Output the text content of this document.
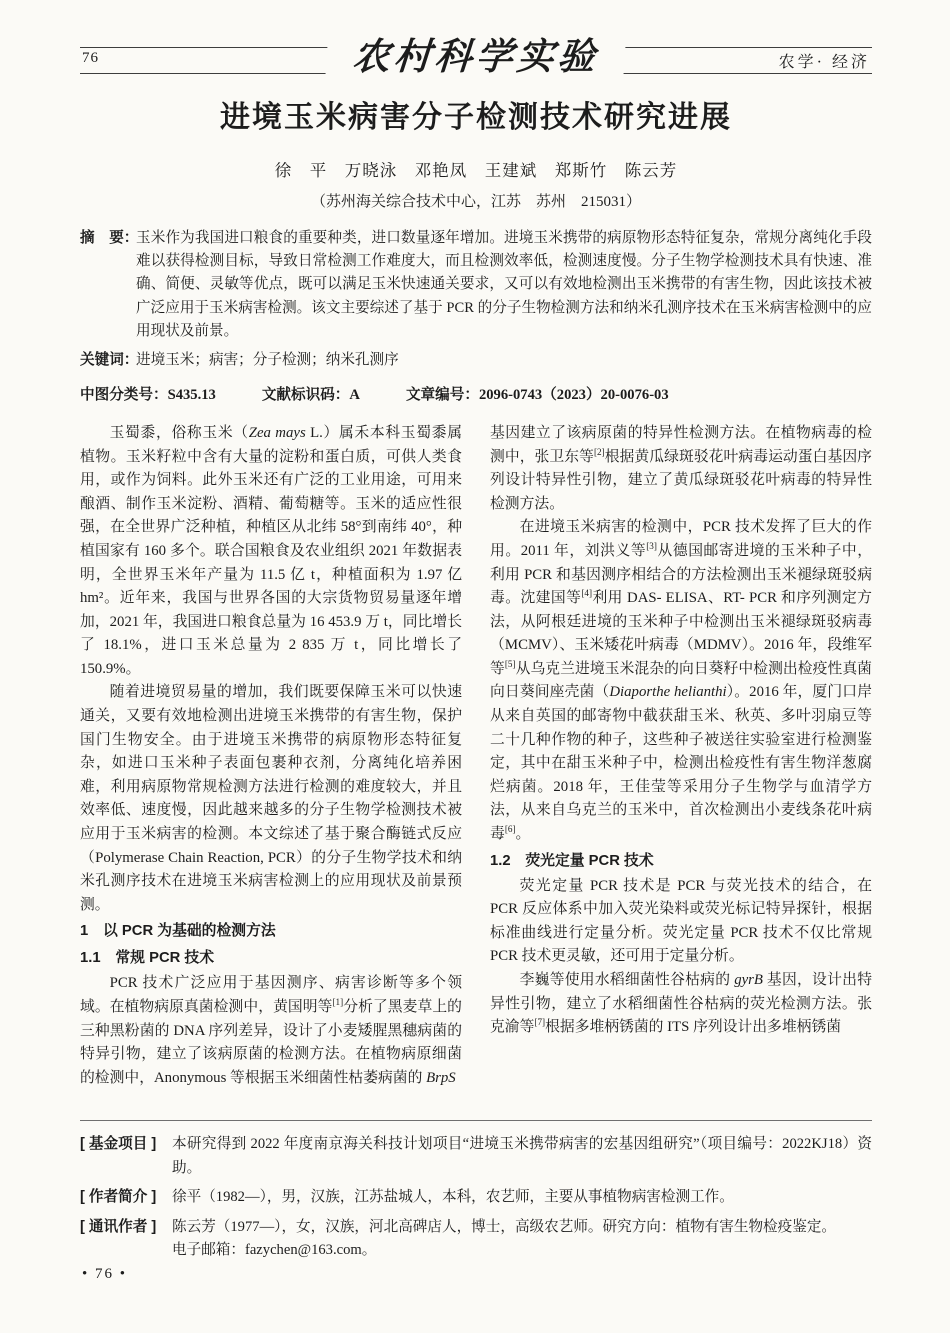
76	农村科学实验	农学· 经济
进境玉米病害分子检测技术研究进展
徐　平　万晓泳　邓艳凤　王建斌　郑斯竹　陈云芳
（苏州海关综合技术中心，江苏　苏州　215031）
摘　要：
玉米作为我国进口粮食的重要种类，进口数量逐年增加。进境玉米携带的病原物形态特征复杂，常规分离纯化手段难以获得检测目标，导致日常检测工作难度大，而且检测效率低，检测速度慢。分子生物学检测技术具有快速、准确、简便、灵敏等优点，既可以满足玉米快速通关要求，又可以有效地检测出玉米携带的有害生物，因此该技术被广泛应用于玉米病害检测。该文主要综述了基于 PCR 的分子生物检测方法和纳米孔测序技术在玉米病害检测中的应用现状及前景。
关键词：
进境玉米；病害；分子检测；纳米孔测序
中图分类号：S435.13	文献标识码：A	文章编号：2096-0743（2023）20-0076-03

玉蜀黍，俗称玉米（Zea mays L.）属禾本科玉蜀黍属植物。玉米籽粒中含有大量的淀粉和蛋白质，可供人类食用，或作为饲料。此外玉米还有广泛的工业用途，可用来酿酒、制作玉米淀粉、酒精、葡萄糖等。玉米的适应性很强，在全世界广泛种植，种植区从北纬 58°到南纬 40°，种植国家有 160 多个。联合国粮食及农业组织 2021 年数据表明，全世界玉米年产量为 11.5 亿 t，种植面积为 1.97 亿 hm²。近年来，我国与世界各国的大宗货物贸易量逐年增加，2021 年，我国进口粮食总量为 16 453.9 万 t，同比增长了 18.1%，进口玉米总量为 2 835 万 t，同比增长了 150.9%。

随着进境贸易量的增加，我们既要保障玉米可以快速通关，又要有效地检测出进境玉米携带的有害生物，保护国门生物安全。由于进境玉米携带的病原物形态特征复杂，如进口玉米种子表面包裹种衣剂，分离纯化培养困难，利用病原物常规检测方法进行检测的难度较大，并且效率低、速度慢，因此越来越多的分子生物学检测技术被应用于玉米病害的检测。本文综述了基于聚合酶链式反应（Polymerase Chain Reaction, PCR）的分子生物学技术和纳米孔测序技术在进境玉米病害检测上的应用现状及前景预测。

1　以 PCR 为基础的检测方法
1.1　常规 PCR 技术

PCR 技术广泛应用于基因测序、病害诊断等多个领域。在植物病原真菌检测中，黄国明等[1]分析了黑麦草上的三种黑粉菌的 DNA 序列差异，设计了小麦矮腥黑穗病菌的特异引物，建立了该病原菌的检测方法。在植物病原细菌的检测中，Anonymous 等根据玉米细菌性枯萎病菌的 BrpS

基因建立了该病原菌的特异性检测方法。在植物病毒的检测中，张卫东等[2]根据黄瓜绿斑驳花叶病毒运动蛋白基因序列设计特异性引物，建立了黄瓜绿斑驳花叶病毒的特异性检测方法。

在进境玉米病害的检测中，PCR 技术发挥了巨大的作用。2011 年，刘洪义等[3]从德国邮寄进境的玉米种子中，利用 PCR 和基因测序相结合的方法检测出玉米褪绿斑驳病毒。沈建国等[4]利用 DAS- ELISA、RT- PCR 和序列测定方法，从阿根廷进境的玉米种子中检测出玉米褪绿斑驳病毒（MCMV）、玉米矮花叶病毒（MDMV）。2016 年，段维军等[5]从乌克兰进境玉米混杂的向日葵籽中检测出检疫性真菌向日葵间座壳菌（Diaporthe helianthi）。2016 年，厦门口岸从来自英国的邮寄物中截获甜玉米、秋英、多叶羽扇豆等二十几种作物的种子，这些种子被送往实验室进行检测鉴定，其中在甜玉米种子中，检测出检疫性有害生物洋葱腐烂病菌。2018 年，王佳莹等采用分子生物学与血清学方法，从来自乌克兰的玉米中，首次检测出小麦线条花叶病毒[6]。

1.2　荧光定量 PCR 技术

荧光定量 PCR 技术是 PCR 与荧光技术的结合，在 PCR 反应体系中加入荧光染料或荧光标记特异探针，根据标准曲线进行定量分析。荧光定量 PCR 技术不仅比常规 PCR 技术更灵敏，还可用于定量分析。

李巍等使用水稻细菌性谷枯病的 gyrB 基因，设计出特异性引物，建立了水稻细菌性谷枯病的荧光检测方法。张克渝等[7]根据多堆柄锈菌的 ITS 序列设计出多堆柄锈菌

[ 基金项目 ] 本研究得到 2022 年度南京海关科技计划项目“进境玉米携带病害的宏基因组研究”（项目编号：2022KJ18）资助。
[ 作者简介 ] 徐平（1982—），男，汉族，江苏盐城人，本科，农艺师，主要从事植物病害检测工作。
[ 通讯作者 ] 陈云芳（1977—），女，汉族，河北高碑店人，博士，高级农艺师。研究方向：植物有害生物检疫鉴定。
电子邮箱：fazychen@163.com。
• 76 •
